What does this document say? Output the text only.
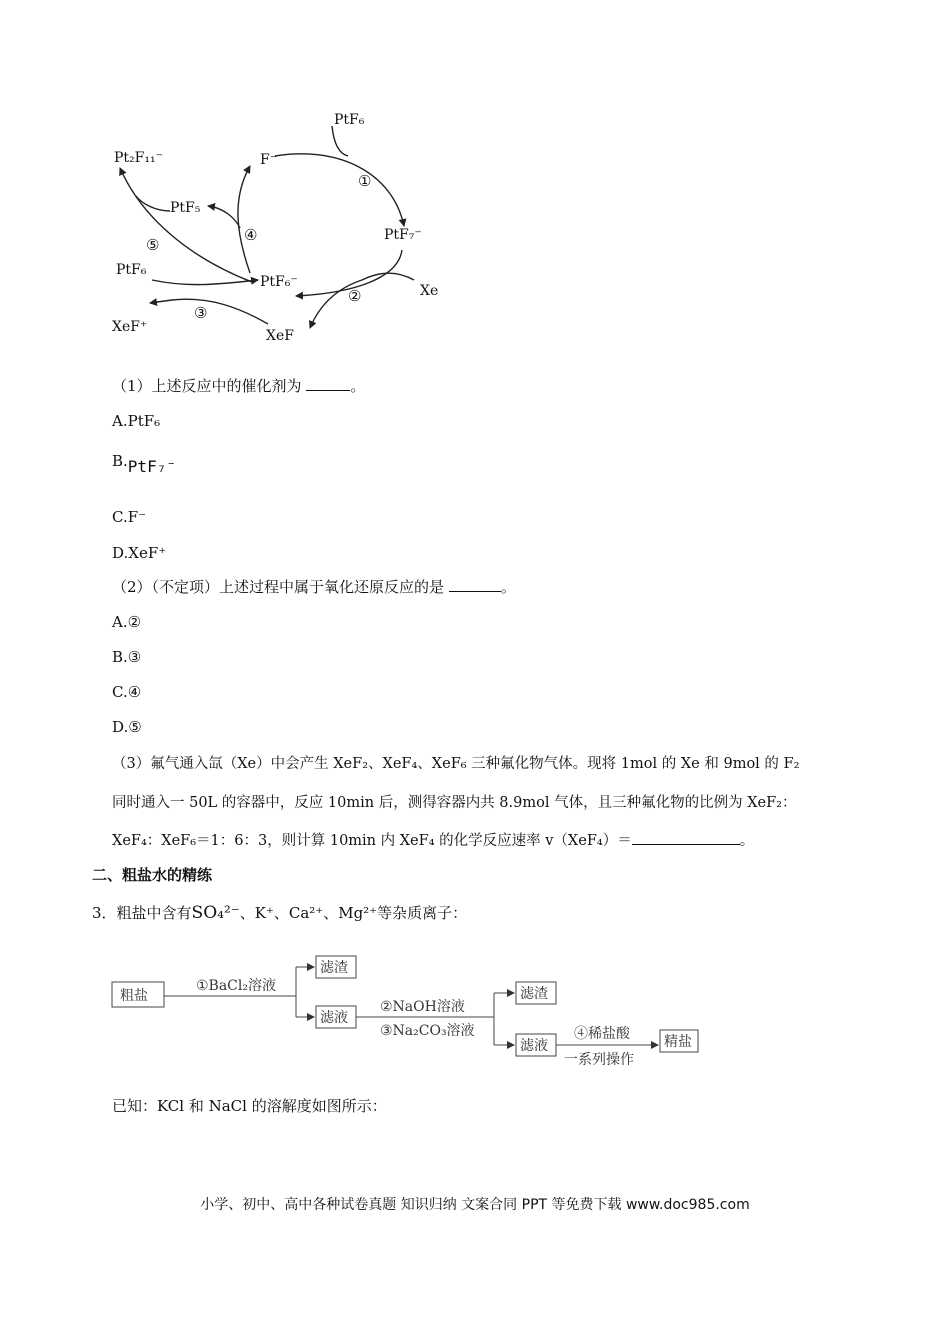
Pt₂F₁₁⁻	F⁻
PtF₆
PtF₅
PtF₇⁻
PtF₆
PtF₆⁻
Xe
XeF⁺
XeF
①
②
③
④
⑤
（1）上述反应中的催化剂为	。
A.PtF₆
B.PtF₇⁻
C.F⁻
D.XeF⁺
（2）（不定项）上述过程中属于氧化还原反应的是	。
A.②
B.③
C.④
D.⑤
（3）氟气通入氙（Xe）中会产生 XeF₂、XeF₄、XeF₆ 三种氟化物气体。现将 1mol 的 Xe 和 9mol 的 F₂
同时通入一 50L 的容器中，反应 10min 后，测得容器内共 8.9mol 气体，且三种氟化物的比例为 XeF₂：
XeF₄：XeF₆＝1：6：3，则计算 10min 内 XeF₄ 的化学反应速率 v（XeF₄）＝	。
二、粗盐水的精练
3．粗盐中含有SO₄²⁻、K⁺、Ca²⁺、Mg²⁺等杂质离子：
粗盐
①BaCl₂溶液
滤渣
滤液
②NaOH溶液
③Na₂CO₃溶液
滤渣
滤液
④稀盐酸
一系列操作
精盐
已知：KCl 和 NaCl 的溶解度如图所示：
小学、初中、高中各种试卷真题 知识归纳 文案合同 PPT 等免费下载 www.doc985.com
